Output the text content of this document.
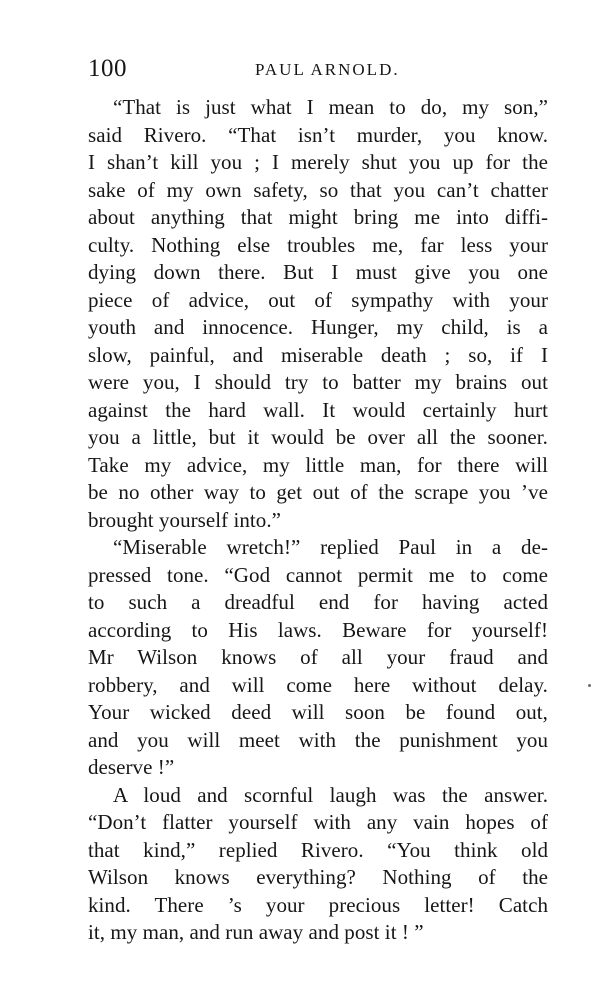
100	PAUL ARNOLD.
“That is just what I mean to do, my son,”
said Rivero. “That isn’t murder, you know.
I shan’t kill you ; I merely shut you up for the
sake of my own safety, so that you can’t chatter
about anything that might bring me into diffi-
culty. Nothing else troubles me, far less your
dying down there. But I must give you one
piece of advice, out of sympathy with your
youth and innocence. Hunger, my child, is a
slow, painful, and miserable death ; so, if I
were you, I should try to batter my brains out
against the hard wall. It would certainly hurt
you a little, but it would be over all the sooner.
Take my advice, my little man, for there will
be no other way to get out of the scrape you ’ve
brought yourself into.”
“Miserable wretch!” replied Paul in a de-
pressed tone. “God cannot permit me to come
to such a dreadful end for having acted
according to His laws. Beware for yourself!
Mr Wilson knows of all your fraud and
robbery, and will come here without delay.
Your wicked deed will soon be found out,
and you will meet with the punishment you
deserve !”
A loud and scornful laugh was the answer.
“Don’t flatter yourself with any vain hopes of
that kind,” replied Rivero. “You think old
Wilson knows everything? Nothing of the
kind. There ’s your precious letter! Catch
it, my man, and run away and post it ! ”
